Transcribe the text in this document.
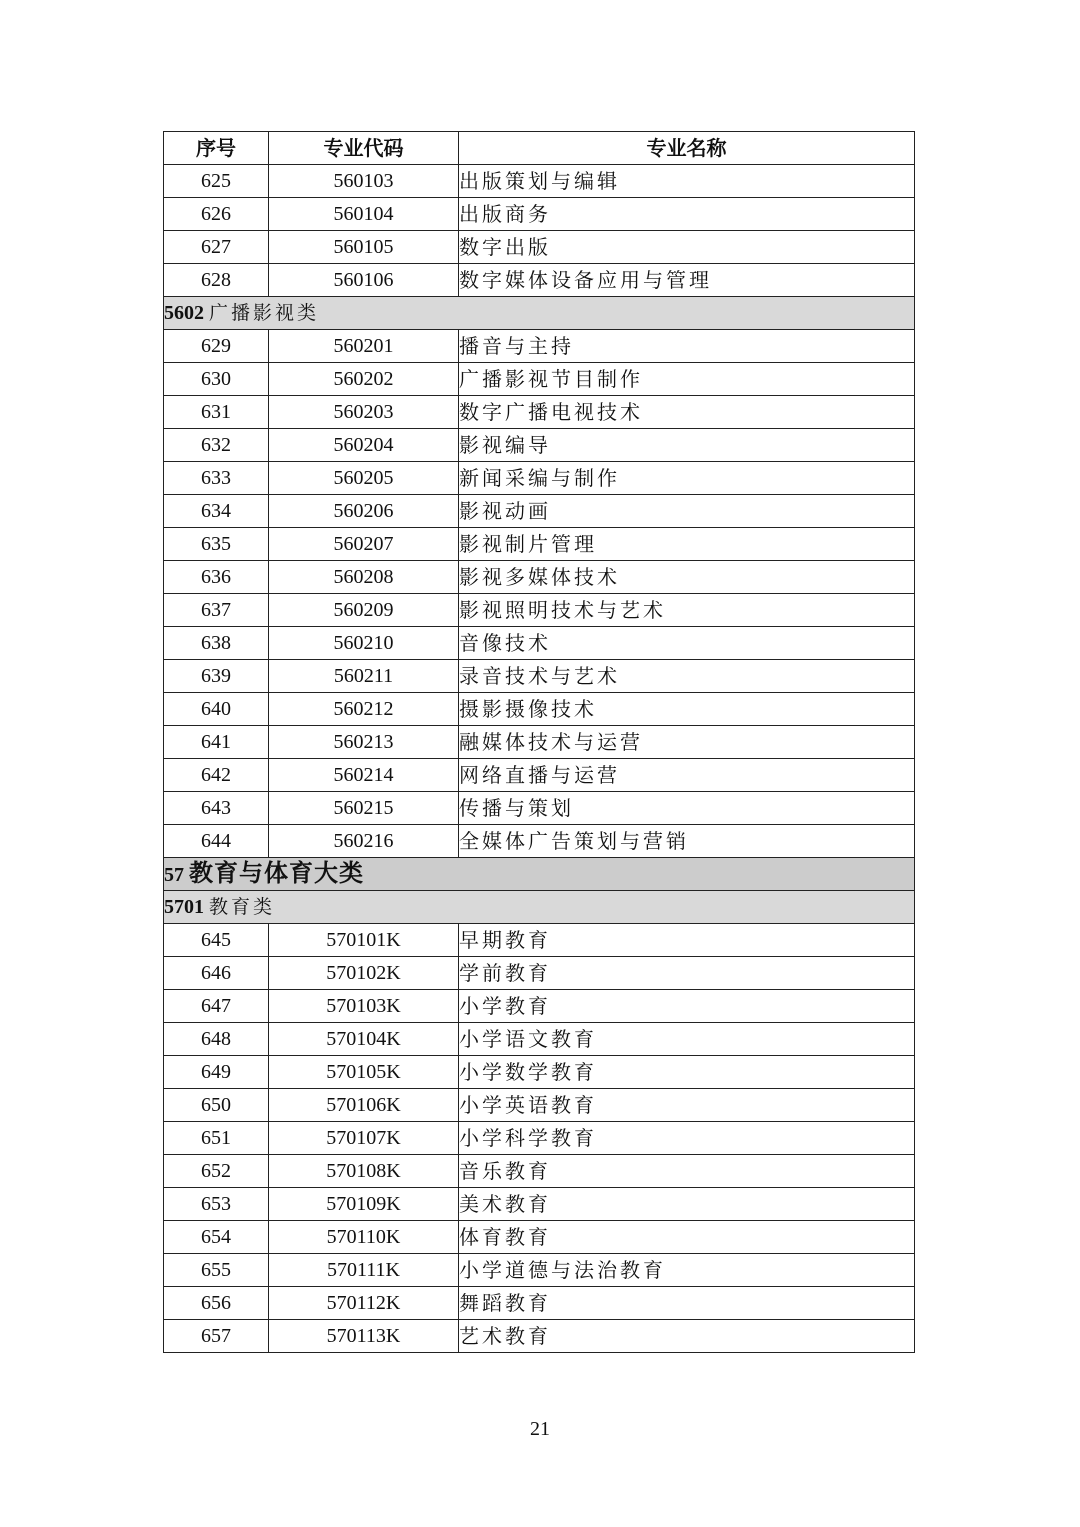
序号	专业代码	专业名称
625	560103	出版策划与编辑
626	560104	出版商务
627	560105	数字出版
628	560106	数字媒体设备应用与管理
5602 广播影视类		
629	560201	播音与主持
630	560202	广播影视节目制作
631	560203	数字广播电视技术
632	560204	影视编导
633	560205	新闻采编与制作
634	560206	影视动画
635	560207	影视制片管理
636	560208	影视多媒体技术
637	560209	影视照明技术与艺术
638	560210	音像技术
639	560211	录音技术与艺术
640	560212	摄影摄像技术
641	560213	融媒体技术与运营
642	560214	网络直播与运营
643	560215	传播与策划
644	560216	全媒体广告策划与营销
57 教育与体育大类		
5701 教育类		
645	570101K	早期教育
646	570102K	学前教育
647	570103K	小学教育
648	570104K	小学语文教育
649	570105K	小学数学教育
650	570106K	小学英语教育
651	570107K	小学科学教育
652	570108K	音乐教育
653	570109K	美术教育
654	570110K	体育教育
655	570111K	小学道德与法治教育
656	570112K	舞蹈教育
657	570113K	艺术教育
21
